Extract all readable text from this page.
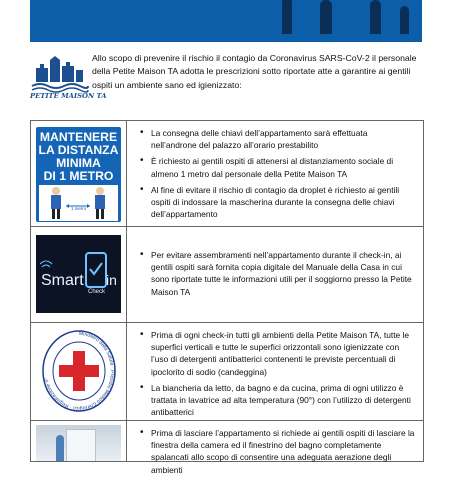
PETITE MAISON TA
Allo scopo di prevenire il rischio il contagio da Coronavirus SARS-CoV-2 il personale della Petite Maison TA adotta le prescrizioni sotto riportate atte a garantire ai gentili ospiti un ambiente sano ed igienizzato:
MANTENERE
LA DISTANZA
MINIMA
DI 1 METRO
1 metro
• La consegna delle chiavi dell’appartamento sarà effettuata nell’androne del palazzo all’orario prestabilito
• È richiesto ai gentili ospiti di attenersi al distanziamento sociale di almeno 1 metro dal personale della Petite Maison TA
• Al fine di evitare il rischio di contagio da droplet è richiesto ai gentili ospiti di indossare la mascherina durante la consegna delle chiavi dell’appartamento
Smart in
Check
• Per evitare assembramenti nell’appartamento durante il check-in, ai gentili ospiti sarà fornita copia digitale del Manuale della Casa in cui sono riportate tutte le informazioni utili per il soggiorno presso la Petite Maison TA
Ministero della Salute · Presidio Medico Chirurgico · Registrazione n°
• Prima di ogni check-in tutti gli ambienti della Petite Maison TA, tutte le superfici verticali e tutte le superfici orizzontali sono igienizzate con l’uso di detergenti antibatterici contenenti le previste percentuali di ipoclorito di sodio (candeggina)
• La biancheria da letto, da bagno e da cucina, prima di ogni utilizzo è trattata in lavatrice ad alta temperatura (90°) con l’utilizzo di detergenti antibatterici
• Prima di lasciare l’appartamento si richiede ai gentili ospiti di lasciare la finestra della camera ed il finestrino del bagno completamente spalancati allo scopo di consentire una adeguata aerazione degli ambienti
